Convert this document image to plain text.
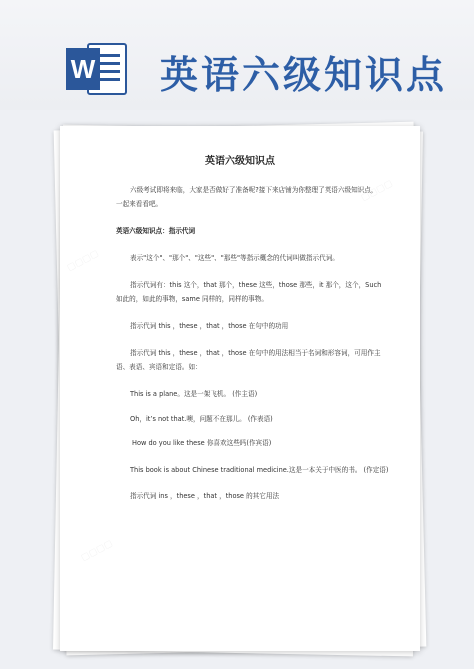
W 英语六级知识点
▢▢▢▢
▢▢▢▢
▢▢▢▢
英语六级知识点
六级考试即将来临，大家是否做好了准备呢?接下来店铺为你整理了英语六级知识点，
一起来看看吧。
英语六级知识点：指示代词
表示"这个"、"那个"、"这些"、"那些"等指示概念的代词叫做指示代词。
指示代词有：this 这个，that 那个，these 这些，those 那些，it 那个，这个，Such
如此的，如此的事物，same 同样的，同样的事物。
指示代词 this ，these ，that ，those 在句中的功用
指示代词 this ，these ，that ，those 在句中的用法相当于名词和形容词，可用作主
语、表语、宾语和定语。如：
This is a plane。这是一架飞机。 (作主语)
Oh，it’s not that.噢，问题不在那儿。 (作表语)
How do you like these 你喜欢这些吗(作宾语)
This book is about Chinese traditional medicine.这是一本关于中医的书。 (作定语)
指示代词 ins ，these ，that ，those 的其它用法
